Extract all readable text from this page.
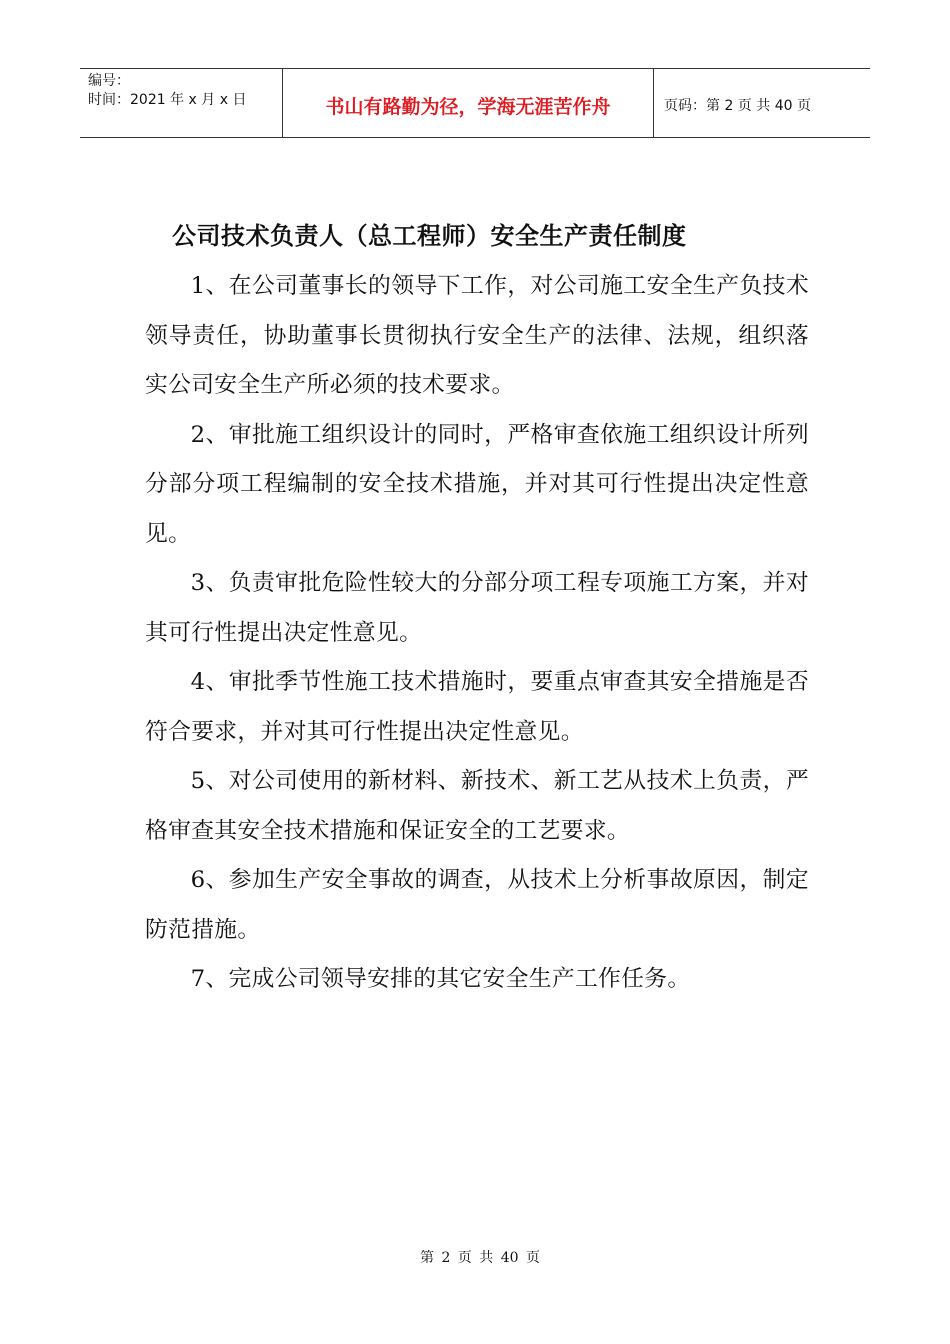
编号：
时间：2021 年 x 月 x 日	书山有路勤为径，学海无涯苦作舟	页码：第 2 页 共 40 页
公司技术负责人（总工程师）安全生产责任制度

1、在公司董事长的领导下工作，对公司施工安全生产负技术领导责任，协助董事长贯彻执行安全生产的法律、法规，组织落实公司安全生产所必须的技术要求。

2、审批施工组织设计的同时，严格审查依施工组织设计所列分部分项工程编制的安全技术措施，并对其可行性提出决定性意见。

3、负责审批危险性较大的分部分项工程专项施工方案，并对其可行性提出决定性意见。

4、审批季节性施工技术措施时，要重点审查其安全措施是否符合要求，并对其可行性提出决定性意见。

5、对公司使用的新材料、新技术、新工艺从技术上负责，严格审查其安全技术措施和保证安全的工艺要求。

6、参加生产安全事故的调查，从技术上分析事故原因，制定防范措施。

7、完成公司领导安排的其它安全生产工作任务。

第 2 页 共 40 页
